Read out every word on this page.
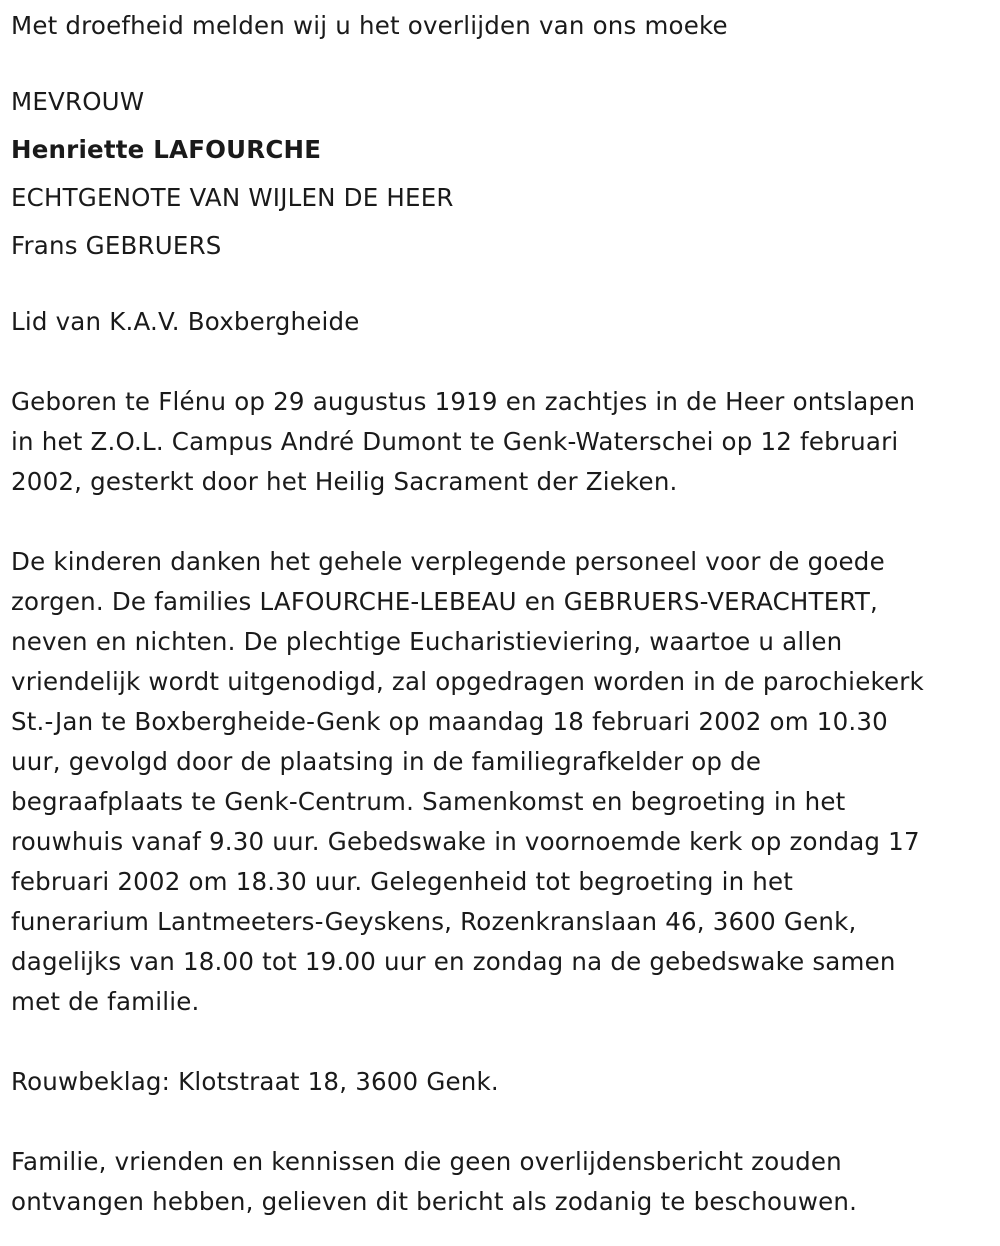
Met droefheid melden wij u het overlijden van ons moeke
MEVROUW
Henriette LAFOURCHE
ECHTGENOTE VAN WIJLEN DE HEER
Frans GEBRUERS
Lid van K.A.V. Boxbergheide
Geboren te Flénu op 29 augustus 1919 en zachtjes in de Heer ontslapen
in het Z.O.L. Campus André Dumont te Genk-Waterschei op 12 februari
2002, gesterkt door het Heilig Sacrament der Zieken.
De kinderen danken het gehele verplegende personeel voor de goede
zorgen. De families LAFOURCHE-LEBEAU en GEBRUERS-VERACHTERT,
neven en nichten. De plechtige Eucharistieviering, waartoe u allen
vriendelijk wordt uitgenodigd, zal opgedragen worden in de parochiekerk
St.-Jan te Boxbergheide-Genk op maandag 18 februari 2002 om 10.30
uur, gevolgd door de plaatsing in de familiegrafkelder op de
begraafplaats te Genk-Centrum. Samenkomst en begroeting in het
rouwhuis vanaf 9.30 uur. Gebedswake in voornoemde kerk op zondag 17
februari 2002 om 18.30 uur. Gelegenheid tot begroeting in het
funerarium Lantmeeters-Geyskens, Rozenkranslaan 46, 3600 Genk,
dagelijks van 18.00 tot 19.00 uur en zondag na de gebedswake samen
met de familie.
Rouwbeklag: Klotstraat 18, 3600 Genk.
Familie, vrienden en kennissen die geen overlijdensbericht zouden
ontvangen hebben, gelieven dit bericht als zodanig te beschouwen.
